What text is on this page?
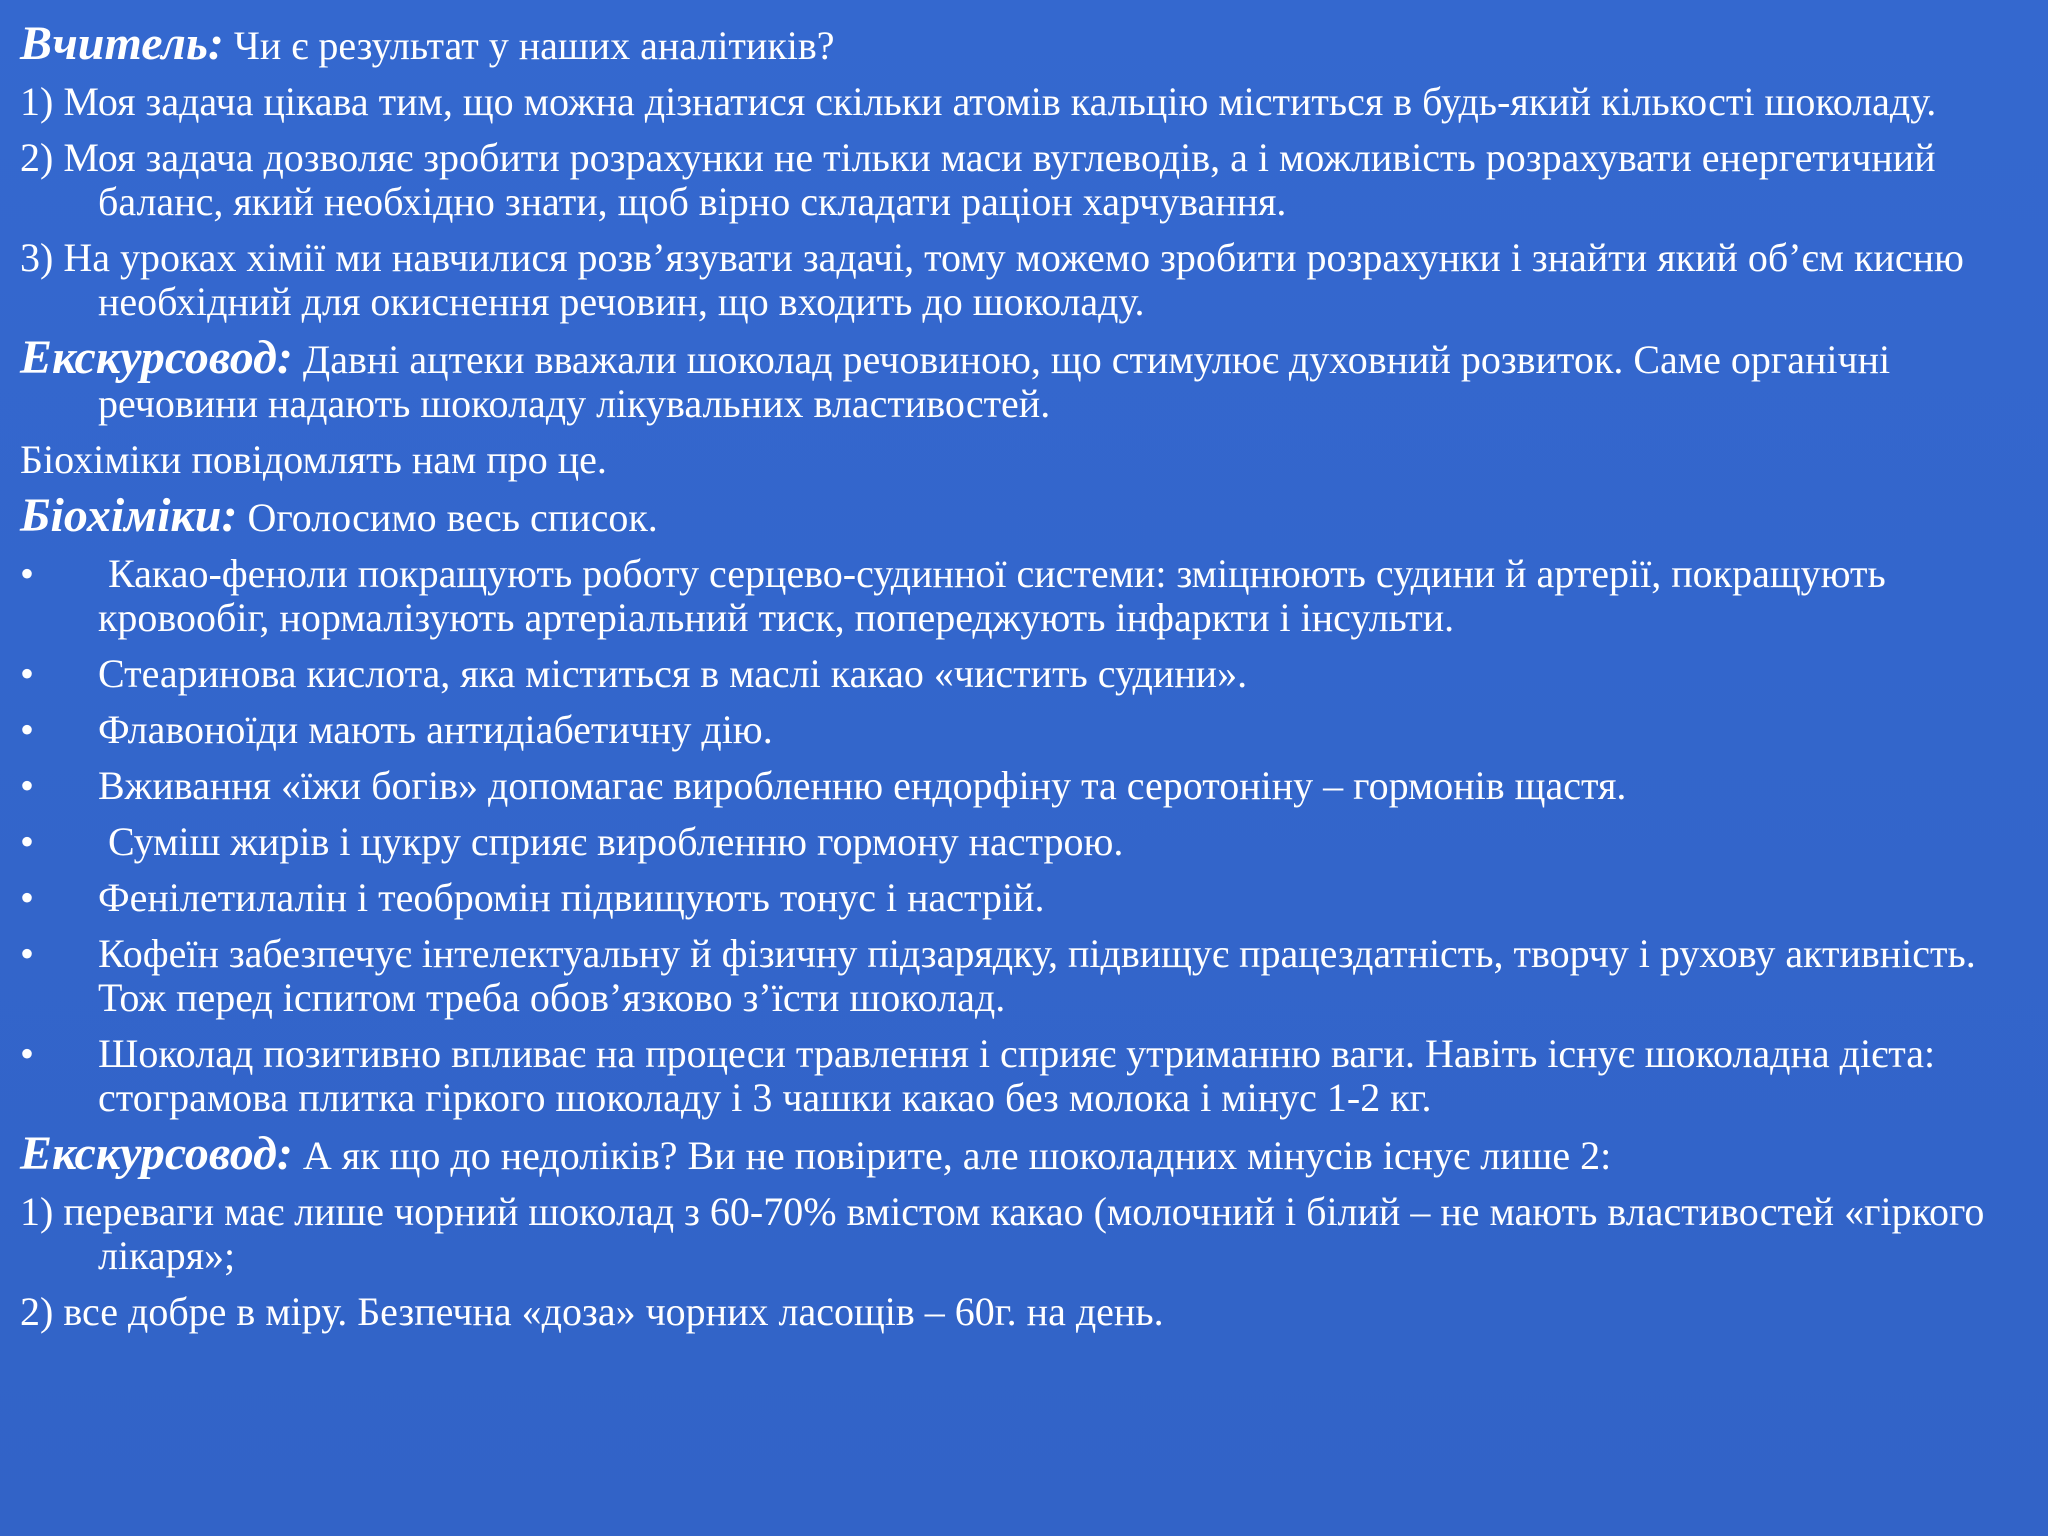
Вчитель: Чи є результат у наших аналітиків?

1) Моя задача цікава тим, що можна дізнатися скільки атомів кальцію міститься в будь-який кількості шоколаду.

2) Моя задача дозволяє зробити розрахунки не тільки маси вуглеводів, а і можливість розрахувати енергетичний баланс, який необхідно знати, щоб вірно складати раціон харчування.

3) На уроках хімії ми навчилися розв’язувати задачі, тому можемо зробити розрахунки і знайти який об’єм кисню необхідний для окиснення речовин, що входить до шоколаду.

Екскурсовод: Давні ацтеки вважали шоколад речовиною, що стимулює духовний розвиток. Саме органічні речовини надають шоколаду лікувальних властивостей.

Біохіміки повідомлять нам про це.

Біохіміки: Оголосимо весь список.

•	Какао-феноли покращують роботу серцево-судинної системи: зміцнюють судини й артерії, покращують кровообіг, нормалізують артеріальний тиск, попереджують інфаркти і інсульти.
•	Стеаринова кислота, яка міститься в маслі какао «чистить судини».
•	Флавоноїди мають антидіабетичну дію.
•	Вживання «їжи богів» допомагає виробленню ендорфіну та серотоніну – гормонів щастя.
•	Суміш жирів і цукру сприяє виробленню гормону настрою.
•	Фенілетилалін і теобромін підвищують тонус і настрій.
•	Кофеїн забезпечує інтелектуальну й фізичну підзарядку, підвищує працездатність, творчу і рухову активність. Тож перед іспитом треба обов’язково з’їсти шоколад.
•	Шоколад позитивно впливає на процеси травлення і сприяє утриманню ваги. Навіть існує шоколадна дієта: стограмова плитка гіркого шоколаду і 3 чашки какао без молока і мінус 1-2 кг.

Екскурсовод: А як що до недоліків? Ви не повірите, але шоколадних мінусів існує лише 2:

1) переваги має лише чорний шоколад з 60-70% вмістом какао (молочний і білий – не мають властивостей «гіркого лікаря»;

2) все добре в міру. Безпечна «доза» чорних ласощів – 60г. на день.
